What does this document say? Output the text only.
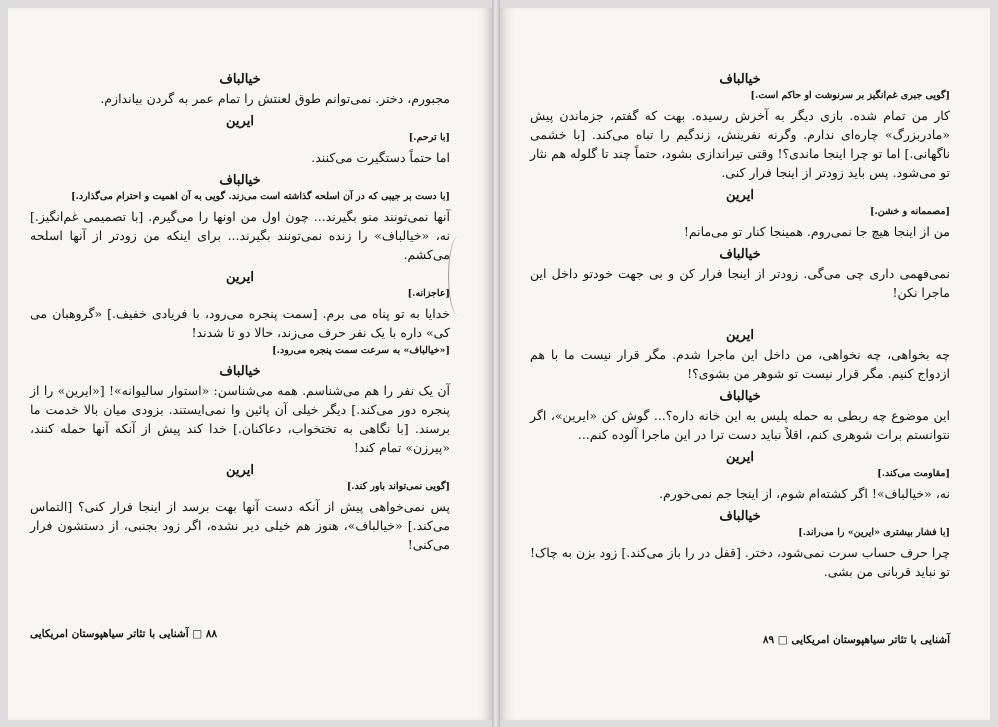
خیالباف
مجبورم، دختر. نمی‌توانم طوق لعنتش را تمام عمر به گردن بیاندازم.
ایرین
[با ترحم.]
اما حتماً دستگیرت می‌کنند.
خیالباف
[با دست بر جیبی که در آن اسلحه گذاشته است می‌زند. گویی به آن اهمیت و احترام می‌گذارد.]
آنها نمی‌تونند منو بگیرند... چون اول من اونها را می‌گیرم. [با تصمیمی غم‌انگیز.] نه، «خیالباف» را زنده نمی‌تونند بگیرند... برای اینکه من زودتر از آنها اسلحه می‌کشم.
ایرین
[عاجزانه.]
خدایا به تو پناه می برم. [سمت پنجره می‌رود، با فریادی خفیف.] «گروهبان می کی» داره با یک نفر حرف می‌زند، حالا دو تا شدند!
[«خیالباف» به سرعت سمت پنجره می‌رود.]
خیالباف
آن یک نفر را هم می‌شناسم. همه می‌شناسن: «استوار سالیوانه»! [«ایرین» را از پنجره دور می‌کند.] دیگر خیلی آن پائین وا نمی‌ایستند. بزودی میان بالا خدمت ما برسند. [با نگاهی به تختخواب، دعاکنان.] خدا کند پیش از آنکه آنها حمله کنند، «پیرزن» تمام کند!
ایرین
[گویی نمی‌تواند باور کند.]
پس نمی‌خواهی پیش از آنکه دست آنها بهت برسد از اینجا فرار کنی؟ [التماس می‌کند.] «خیالباف»، هنوز هم خیلی دیر نشده، اگر زود بجنبی، از دستشون فرار می‌کنی!
۸۸ □ آشنایی با تئاتر سیاهپوستان امریکایی
خیالباف
[گویی جبری غم‌انگیز بر سرنوشت او حاکم است.]
کار من تمام شده. بازی دیگر به آخرش رسیده. بهت که گفتم، جزماندن پیش «مادربزرگ» چاره‌ای ندارم. وگرنه نفرینش، زندگیم را تباه می‌کند. [با خشمی ناگهانی.] اما تو چرا اینجا ماندی؟! وقتی تیراندازی بشود، حتماً چند تا گلوله هم نثار تو می‌شود. پس باید زودتر از اینجا فرار کنی.
ایرین
[مصممانه و خشن.]
من از اینجا هیچ جا نمی‌روم. همینجا کنار تو می‌مانم!
خیالباف
نمی‌فهمی داری چی می‌گی. زودتر از اینجا فرار کن و بی جهت خودتو داخل این ماجرا نکن!
ایرین
چه بخواهی، چه نخواهی، من داخل این ماجرا شدم. مگر قرار نیست ما با هم ازدواج کنیم. مگر قرار نیست تو شوهر من بشوی؟!
خیالباف
این موضوع چه ربطی به حمله پلیس به این خانه داره؟... گوش کن «ایرین»، اگر نتوانستم برات شوهری کنم، اقلاً نباید دست ترا در این ماجرا آلوده کنم...
ایرین
[مقاومت می‌کند.]
نه، «خیالباف»! اگر کشته‌ام شوم، از اینجا جم نمی‌خورم.
خیالباف
[با فشار بیشتری «ایرین» را می‌راند.]
چرا حرف حساب سرت نمی‌شود، دختر. [قفل در را باز می‌کند.] زود بزن به چاک! تو نباید قربانی من بشی.
آشنایی با تئاتر سیاهپوستان امریکایی □ ۸۹
